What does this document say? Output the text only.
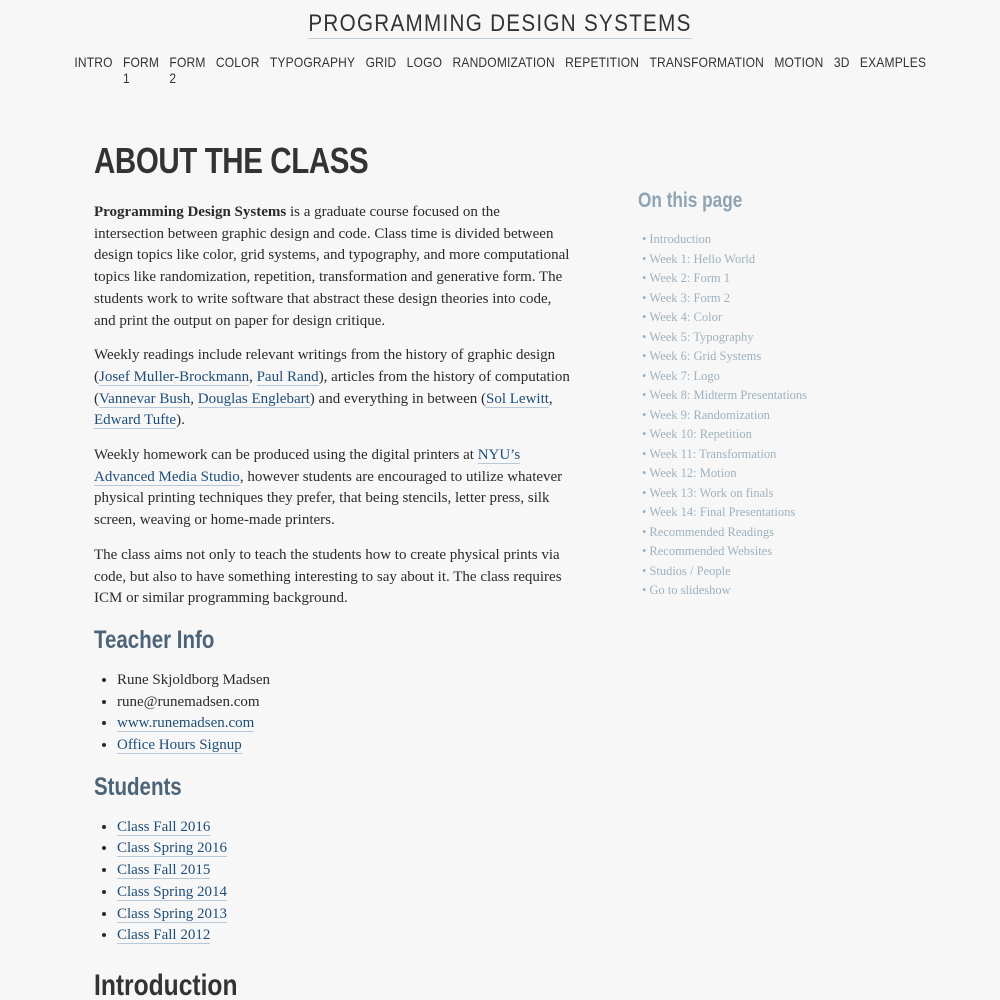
PROGRAMMING DESIGN SYSTEMS
INTRO FORM 1
FORM 2
COLOR TYPOGRAPHY GRID LOGO RANDOMIZATION REPETITION TRANSFORMATION MOTION 3D EXAMPLES
ABOUT THE CLASS

Programming Design Systems is a graduate course focused on the intersection between graphic design and code. Class time is divided between design topics like color, grid systems, and typography, and more computational topics like randomization, repetition, transformation and generative form. The students work to write software that abstract these design theories into code, and print the output on paper for design critique.

Weekly readings include relevant writings from the history of graphic design (Josef Muller-Brockmann, Paul Rand), articles from the history of computation (Vannevar Bush, Douglas Englebart) and everything in between (Sol Lewitt, Edward Tufte).

Weekly homework can be produced using the digital printers at NYU’s Advanced Media Studio, however students are encouraged to utilize whatever physical printing techniques they prefer, that being stencils, letter press, silk screen, weaving or home-made printers.

The class aims not only to teach the students how to create physical prints via code, but also to have something interesting to say about it. The class requires ICM or similar programming background.

Teacher Info
• Rune Skjoldborg Madsen
• rune@runemadsen.com
• www.runemadsen.com
• Office Hours Signup
Students
• Class Fall 2016
• Class Spring 2016
• Class Fall 2015
• Class Spring 2014
• Class Spring 2013
• Class Fall 2012
Introduction
On this page
• Introduction
• Week 1: Hello World
• Week 2: Form 1
• Week 3: Form 2
• Week 4: Color
• Week 5: Typography
• Week 6: Grid Systems
• Week 7: Logo
• Week 8: Midterm Presentations
• Week 9: Randomization
• Week 10: Repetition
• Week 11: Transformation
• Week 12: Motion
• Week 13: Work on finals
• Week 14: Final Presentations
• Recommended Readings
• Recommended Websites
• Studios / People
• Go to slideshow
